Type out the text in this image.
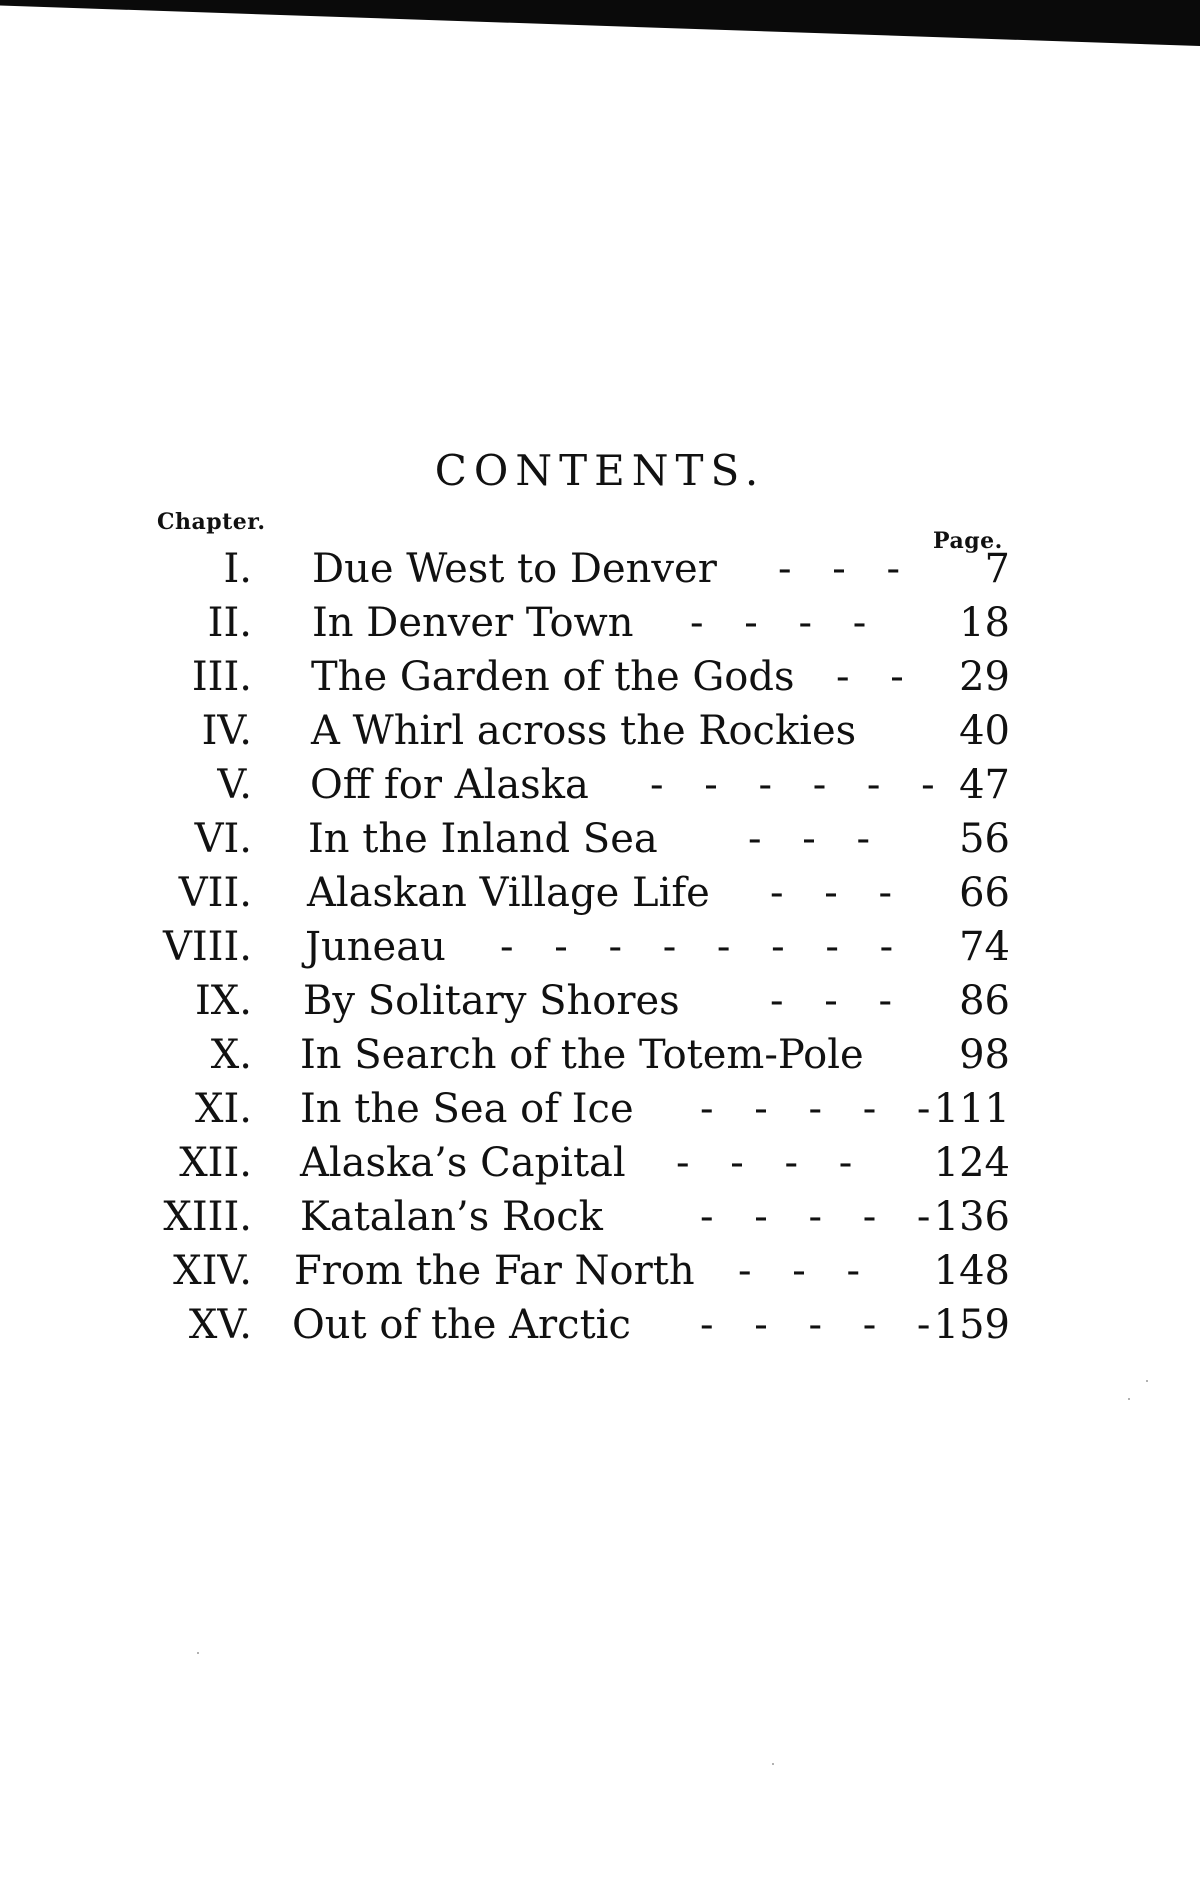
CONTENTS.
Chapter.
Page.
I. Due West to Denver - - - 7
II. In Denver Town - - - - 18
III. The Garden of the Gods - - 29
IV. A Whirl across the Rockies	40
V. Off for Alaska - - - - - - 47
VI. In the Inland Sea - - - 56
VII. Alaskan Village Life - - - 66
VIII. Juneau - - - - - - - - 74
IX. By Solitary Shores - - - 86
X. In Search of the Totem-Pole 98
XI. In the Sea of Ice - - - - -
111
XII. Alaska’s Capital - - - - 124
XIII. Katalan’s Rock - - - - -
136
XIV. From the Far North - - - 148
XV. Out of the Arctic - - - - -
159
